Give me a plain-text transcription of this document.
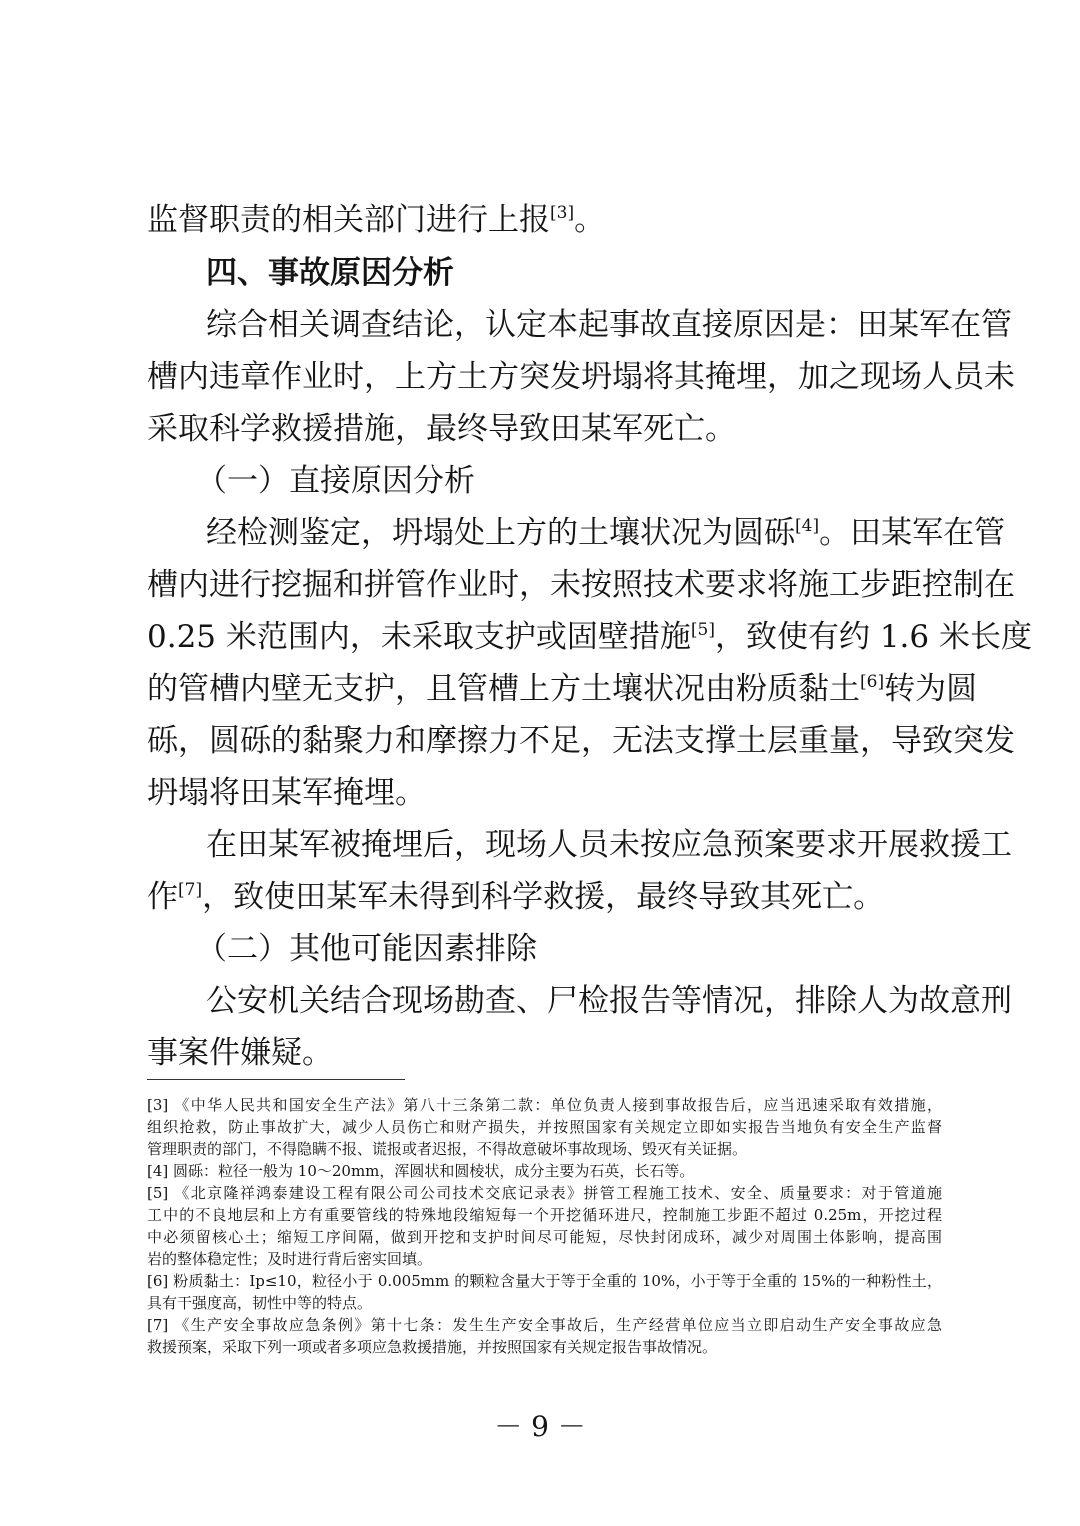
监督职责的相关部门进行上报[3]。
四、事故原因分析
综合相关调查结论，认定本起事故直接原因是：田某军在管
槽内违章作业时，上方土方突发坍塌将其掩埋，加之现场人员未
采取科学救援措施，最终导致田某军死亡。
（一）直接原因分析
经检测鉴定，坍塌处上方的土壤状况为圆砾[4]。田某军在管
槽内进行挖掘和拼管作业时，未按照技术要求将施工步距控制在
0.25 米范围内，未采取支护或固壁措施[5]，致使有约 1.6 米长度
的管槽内壁无支护，且管槽上方土壤状况由粉质黏土[6]转为圆
砾，圆砾的黏聚力和摩擦力不足，无法支撑土层重量，导致突发
坍塌将田某军掩埋。
在田某军被掩埋后，现场人员未按应急预案要求开展救援工
作[7]，致使田某军未得到科学救援，最终导致其死亡。
（二）其他可能因素排除
公安机关结合现场勘查、尸检报告等情况，排除人为故意刑
事案件嫌疑。
[3] 《中华人民共和国安全生产法》第八十三条第二款：单位负责人接到事故报告后，应当迅速采取有效措施，
组织抢救，防止事故扩大，减少人员伤亡和财产损失，并按照国家有关规定立即如实报告当地负有安全生产监督
管理职责的部门，不得隐瞒不报、谎报或者迟报，不得故意破坏事故现场、毁灭有关证据。
[4] 圆砾：粒径一般为 10～20mm，浑圆状和圆棱状，成分主要为石英，长石等。
[5] 《北京隆祥鸿泰建设工程有限公司公司技术交底记录表》拼管工程施工技术、安全、质量要求：对于管道施
工中的不良地层和上方有重要管线的特殊地段缩短每一个开挖循环进尺，控制施工步距不超过 0.25m，开挖过程
中必须留核心土；缩短工序间隔，做到开挖和支护时间尽可能短，尽快封闭成环，减少对周围土体影响，提高围
岩的整体稳定性；及时进行背后密实回填。
[6] 粉质黏土：Ip≤10，粒径小于 0.005mm 的颗粒含量大于等于全重的 10%，小于等于全重的 15%的一种粉性土，
具有干强度高，韧性中等的特点。
[7] 《生产安全事故应急条例》第十七条：发生生产安全事故后，生产经营单位应当立即启动生产安全事故应急
救援预案，采取下列一项或者多项应急救援措施，并按照国家有关规定报告事故情况。
－ 9 －
